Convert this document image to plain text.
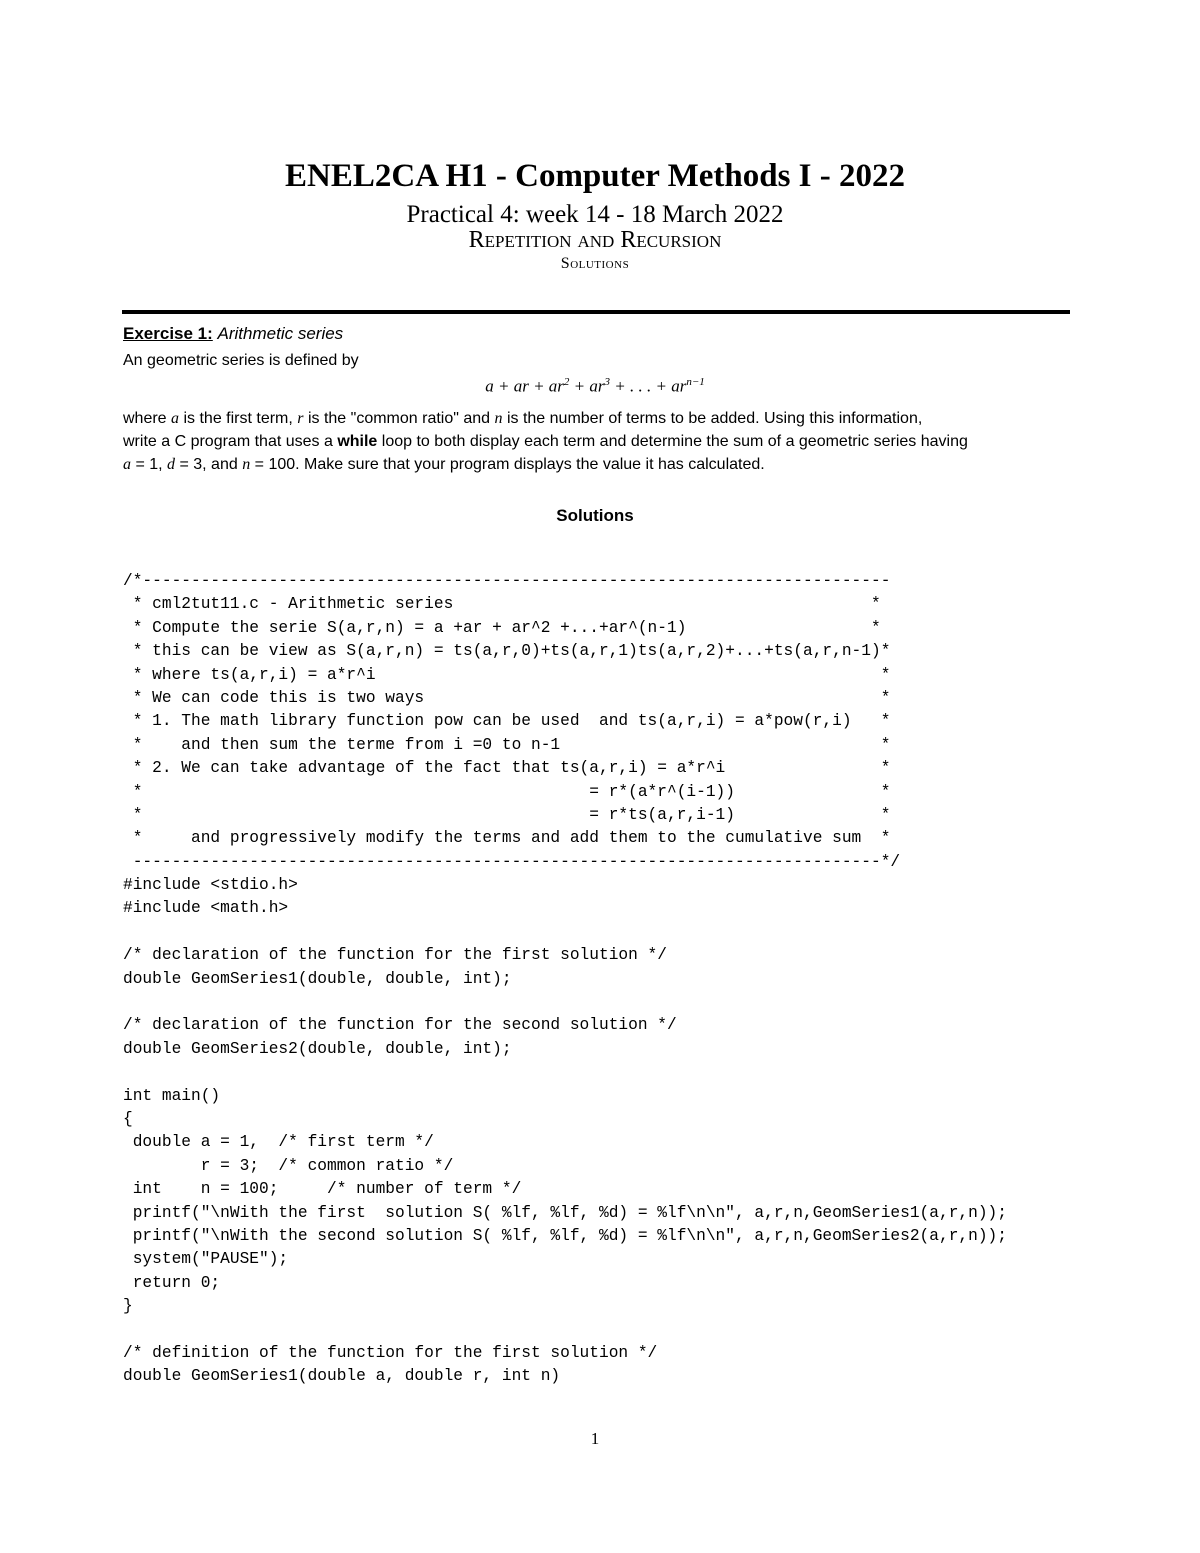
ENEL2CA H1 - Computer Methods I - 2022
Practical 4: week 14 - 18 March 2022
Repetition and Recursion
Solutions
Exercise 1: Arithmetic series
An geometric series is defined by
a + ar + $ar^2 + ar^3$ + . . . + $ar^{n-1}$
where a is the first term, r is the "common ratio" and n is the number of terms to be added. Using this information,
write a C program that uses a while loop to both display each term and determine the sum of a geometric series having
a = 1, d = 3, and n = 100. Make sure that your program displays the value it has calculated.
Solutions
/*-----------------------------------------------------------------------------
* cml2tut11.c - Arithmetic series                                           *
* Compute the serie S(a,r,n) = a +ar + ar^2 +...+ar^(n-1)                   *
* this can be view as S(a,r,n) = ts(a,r,0)+ts(a,r,1)ts(a,r,2)+...+ts(a,r,n-1)*
* where ts(a,r,i) = a*r^i                                                    *
* We can code this is two ways                                               *
* 1. The math library function pow can be used  and ts(a,r,i) = a*pow(r,i)   *
*    and then sum the terme from i =0 to n-1                                 *
* 2. We can take advantage of the fact that ts(a,r,i) = a*r^i                *
*                                              = r*(a*r^(i-1))               *
*                                              = r*ts(a,r,i-1)               *
*     and progressively modify the terms and add them to the cumulative sum  *
-----------------------------------------------------------------------------*/
#include <stdio.h>
#include <math.h>
/* declaration of the function for the first solution */
double GeomSeries1(double, double, int);
/* declaration of the function for the second solution */
double GeomSeries2(double, double, int);
int main()
{
double a = 1,  /* first term */
r = 3;  /* common ratio */
int    n = 100;     /* number of term */
printf("\nWith the first  solution S( %lf, %lf, %d) = %lf\n\n", a,r,n,GeomSeries1(a,r,n));
printf("\nWith the second solution S( %lf, %lf, %d) = %lf\n\n", a,r,n,GeomSeries2(a,r,n));
system("PAUSE");
return 0;
}
/* definition of the function for the first solution */
double GeomSeries1(double a, double r, int n)
1
